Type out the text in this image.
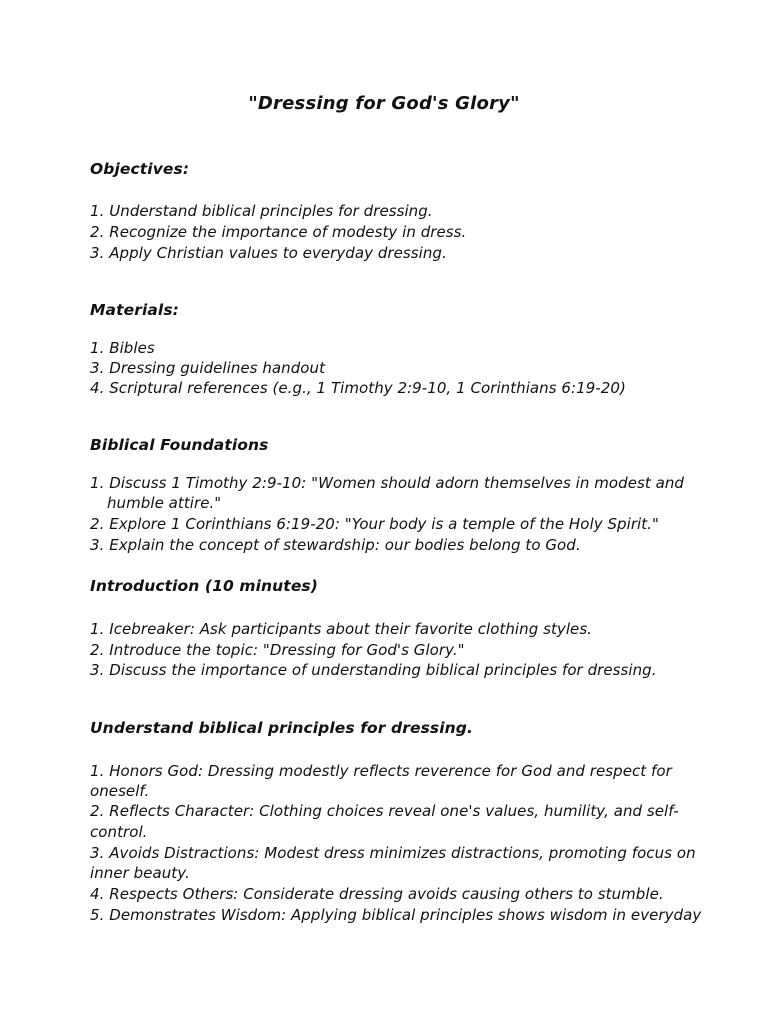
"Dressing for God's Glory"
Objectives:
1. Understand biblical principles for dressing.
2. Recognize the importance of modesty in dress.
3. Apply Christian values to everyday dressing.
Materials:
1. Bibles
3. Dressing guidelines handout
4. Scriptural references (e.g., 1 Timothy 2:9-10, 1 Corinthians 6:19-20)
Biblical Foundations
1. Discuss 1 Timothy 2:9-10: "Women should adorn themselves in modest and
humble attire."
2. Explore 1 Corinthians 6:19-20: "Your body is a temple of the Holy Spirit."
3. Explain the concept of stewardship: our bodies belong to God.
Introduction (10 minutes)
1. Icebreaker: Ask participants about their favorite clothing styles.
2. Introduce the topic: "Dressing for God's Glory."
3. Discuss the importance of understanding biblical principles for dressing.
Understand biblical principles for dressing.
1. Honors God: Dressing modestly reflects reverence for God and respect for
oneself.
2. Reflects Character: Clothing choices reveal one's values, humility, and self-
control.
3. Avoids Distractions: Modest dress minimizes distractions, promoting focus on
inner beauty.
4. Respects Others: Considerate dressing avoids causing others to stumble.
5. Demonstrates Wisdom: Applying biblical principles shows wisdom in everyday
